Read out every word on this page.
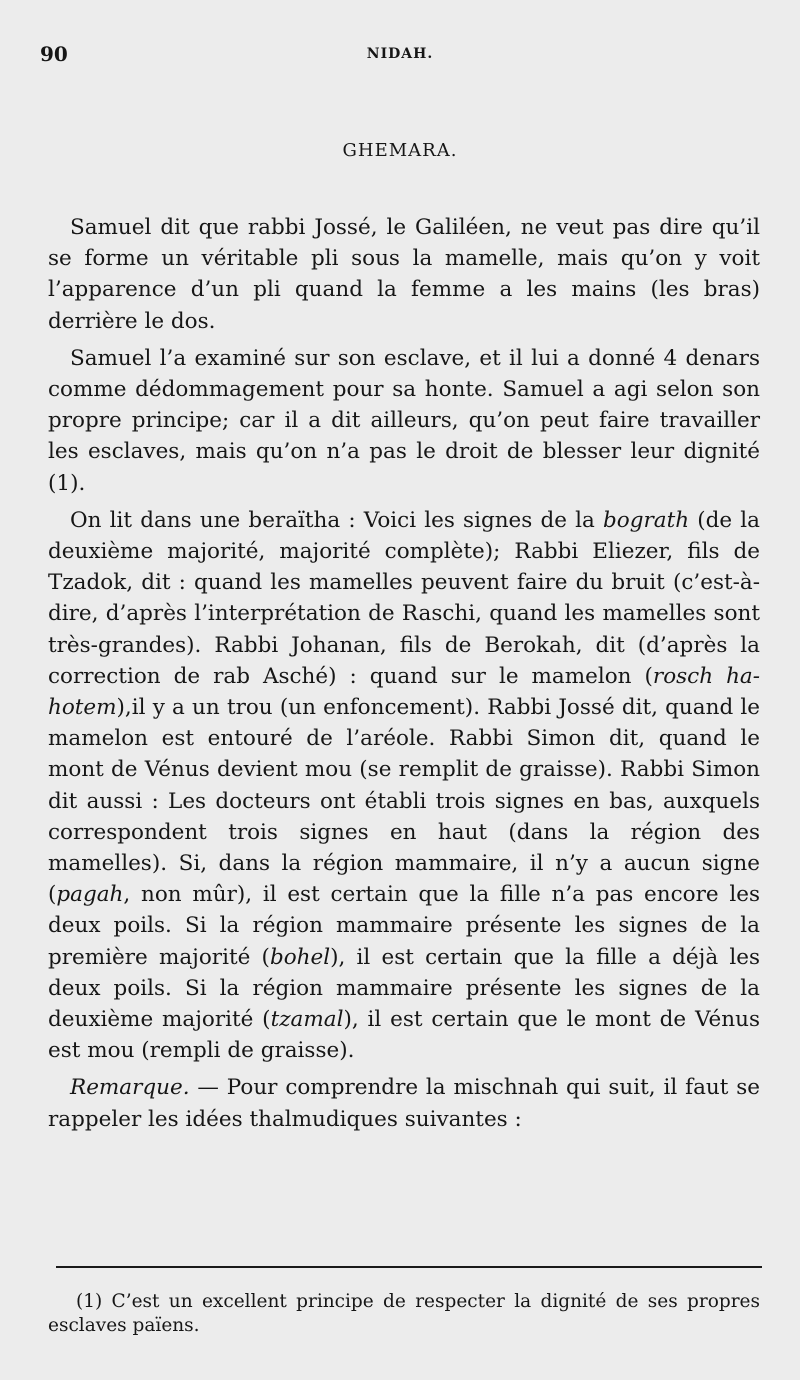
90	NIDAH.
GHEMARA.

Samuel dit que rabbi Jossé, le Galiléen, ne veut pas dire qu’il se forme un véritable pli sous la mamelle, mais qu’on y voit l’apparence d’un pli quand la femme a les mains (les bras) derrière le dos.

Samuel l’a examiné sur son esclave, et il lui a donné 4 denars comme dédommagement pour sa honte. Samuel a agi selon son propre principe; car il a dit ailleurs, qu’on peut faire travailler les esclaves, mais qu’on n’a pas le droit de blesser leur dignité (1).

On lit dans une beraïtha : Voici les signes de la bograth (de la deuxième majorité, majorité complète); Rabbi Eliezer, fils de Tzadok, dit : quand les mamelles peuvent faire du bruit (c’est-à-dire, d’après l’interprétation de Raschi, quand les mamelles sont très-grandes). Rabbi Johanan, fils de Berokah, dit (d’après la correction de rab Asché) : quand sur le mamelon (rosch ha-hotem),il y a un trou (un enfoncement). Rabbi Jossé dit, quand le mamelon est entouré de l’aréole. Rabbi Simon dit, quand le mont de Vénus devient mou (se remplit de graisse). Rabbi Simon dit aussi : Les docteurs ont établi trois signes en bas, auxquels correspondent trois signes en haut (dans la région des mamelles). Si, dans la région mammaire, il n’y a aucun signe (pagah, non mûr), il est certain que la fille n’a pas encore les deux poils. Si la région mammaire présente les signes de la première majorité (bohel), il est certain que la fille a déjà les deux poils. Si la région mammaire présente les signes de la deuxième majorité (tzamal), il est certain que le mont de Vénus est mou (rempli de graisse).

Remarque. — Pour comprendre la mischnah qui suit, il faut se rappeler les idées thalmudiques suivantes :

(1) C’est un excellent principe de respecter la dignité de ses propres esclaves païens.
